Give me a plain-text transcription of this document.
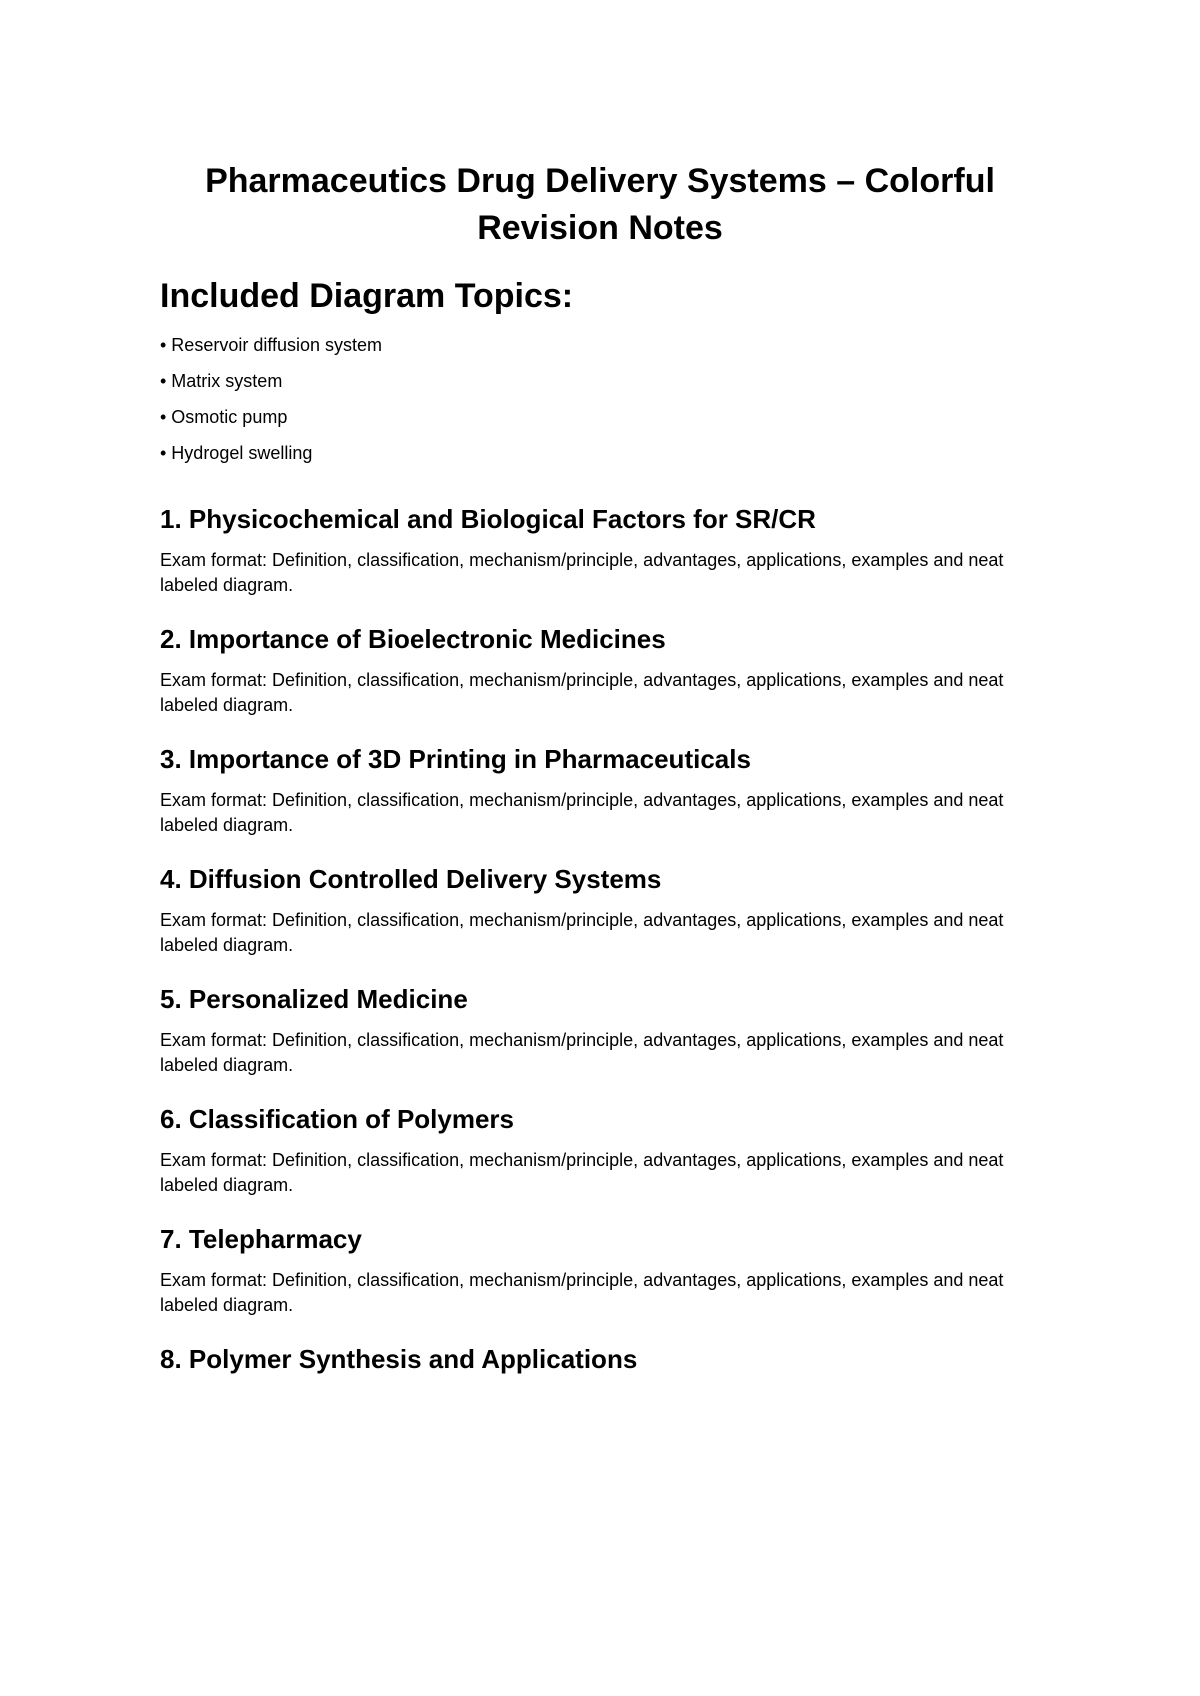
Pharmaceutics Drug Delivery Systems – Colorful Revision Notes
Included Diagram Topics:
• Reservoir diffusion system
• Matrix system
• Osmotic pump
• Hydrogel swelling
1. Physicochemical and Biological Factors for SR/CR

Exam format: Definition, classification, mechanism/principle, advantages, applications, examples and neat labeled diagram.

2. Importance of Bioelectronic Medicines

Exam format: Definition, classification, mechanism/principle, advantages, applications, examples and neat labeled diagram.

3. Importance of 3D Printing in Pharmaceuticals

Exam format: Definition, classification, mechanism/principle, advantages, applications, examples and neat labeled diagram.

4. Diffusion Controlled Delivery Systems

Exam format: Definition, classification, mechanism/principle, advantages, applications, examples and neat labeled diagram.

5. Personalized Medicine

Exam format: Definition, classification, mechanism/principle, advantages, applications, examples and neat labeled diagram.

6. Classification of Polymers

Exam format: Definition, classification, mechanism/principle, advantages, applications, examples and neat labeled diagram.

7. Telepharmacy

Exam format: Definition, classification, mechanism/principle, advantages, applications, examples and neat labeled diagram.

8. Polymer Synthesis and Applications
